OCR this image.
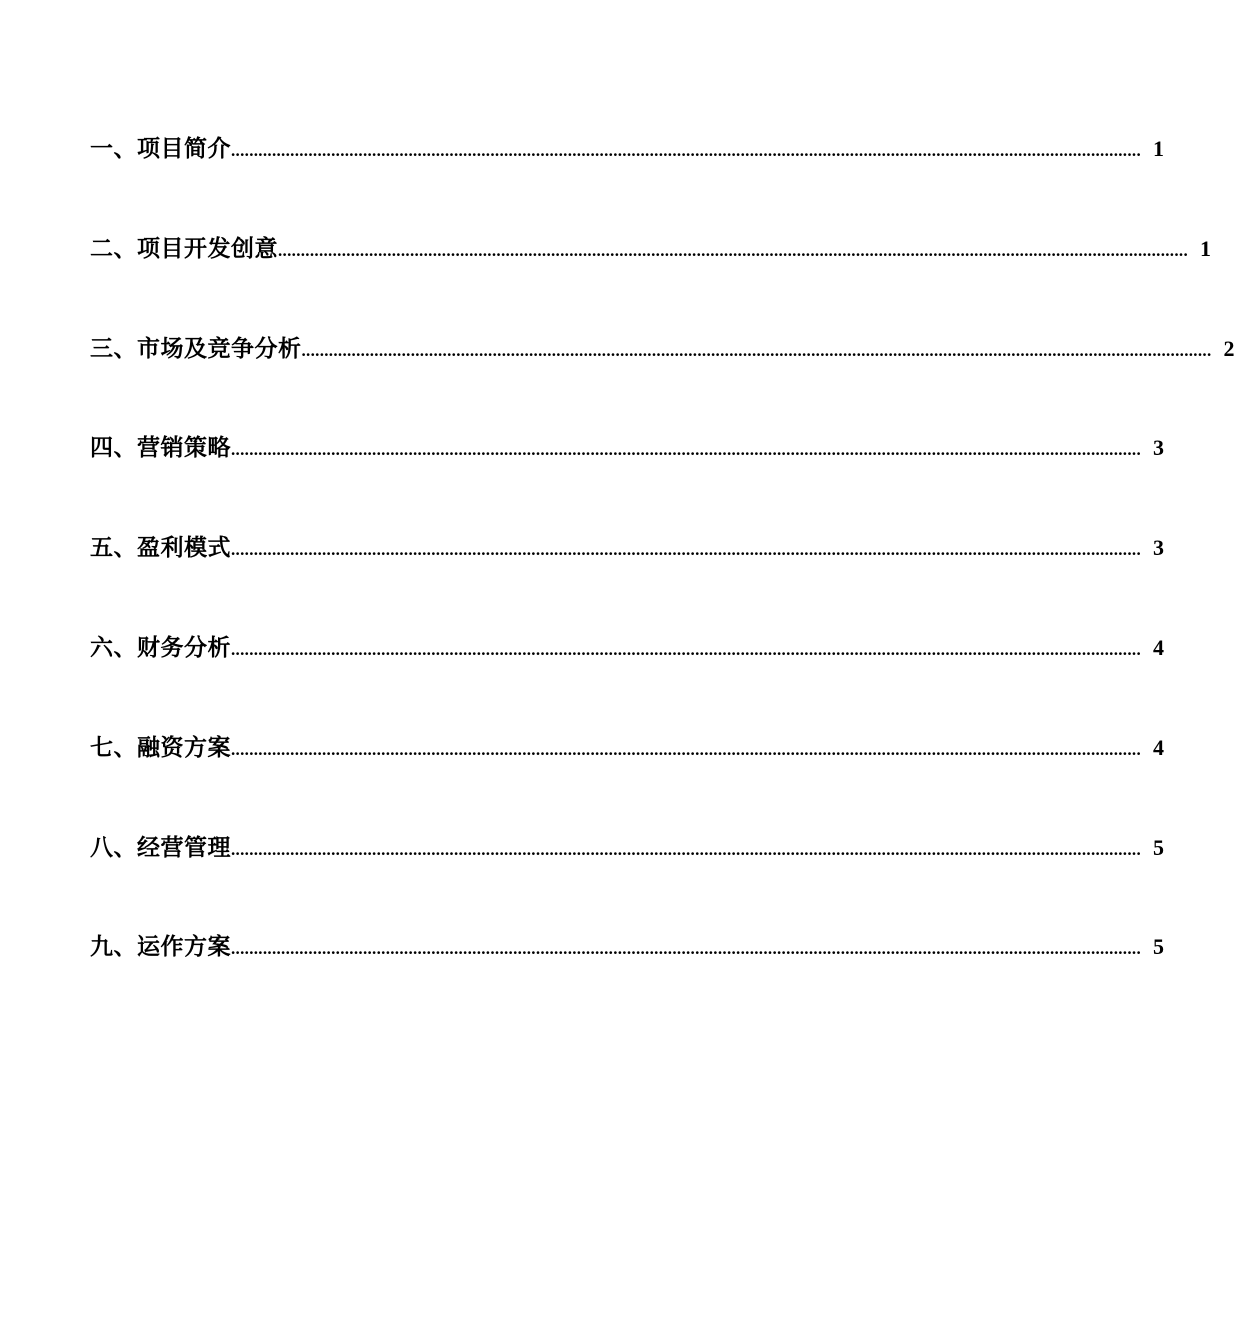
一、项目简介 ........................................................................................................................................................................................................ 1
二、项目开发创意 ........................................................................................................................................................................................................ 1
三、市场及竞争分析 ........................................................................................................................................................................................................ 2
四、营销策略 ........................................................................................................................................................................................................ 3
五、盈利模式 ........................................................................................................................................................................................................ 3
六、财务分析 ........................................................................................................................................................................................................ 4
七、融资方案 ........................................................................................................................................................................................................ 4
八、经营管理 ........................................................................................................................................................................................................ 5
九、运作方案 ........................................................................................................................................................................................................ 5
